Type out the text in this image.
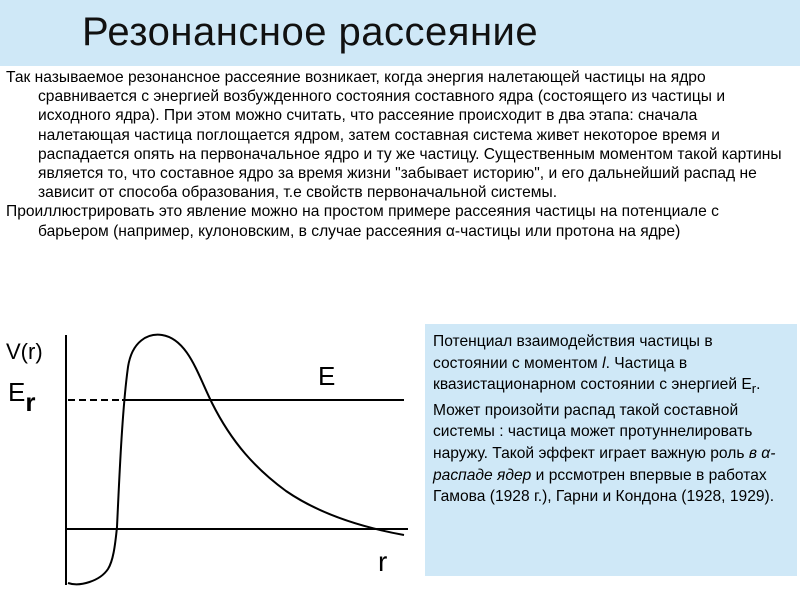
Резонансное рассеяние

Так называемое резонансное рассеяние возникает, когда энергия налетающей частицы на ядро сравнивается с энергией возбужденного состояния составного ядра (состоящего из частицы и исходного ядра). При этом можно считать, что рассеяние происходит в два этапа: сначала налетающая частица поглощается ядром, затем составная система живет некоторое время и распадается опять на первоначальное ядро и ту же частицу. Существенным моментом такой картины является то, что составное ядро за время жизни "забывает историю", и его дальнейший распад не зависит от способа образования, т.е свойств первоначальной системы.

Проиллюстрировать это явление можно на простом примере рассеяния частицы на потенциале с барьером (например, кулоновским, в случае рассеяния α-частицы или протона на ядре)

V(r)
Er
E
r
Потенциал взаимодействия частицы в состоянии с моментом l. Частица в квазистационарном состоянии с энергией $E_r$. Может произойти распад такой составной системы : частица может протуннелировать наружу. Такой эффект играет важную роль в α-распаде ядер и рссмотрен впервые в работах Гамова (1928 г.), Гарни и Кондона (1928, 1929).
